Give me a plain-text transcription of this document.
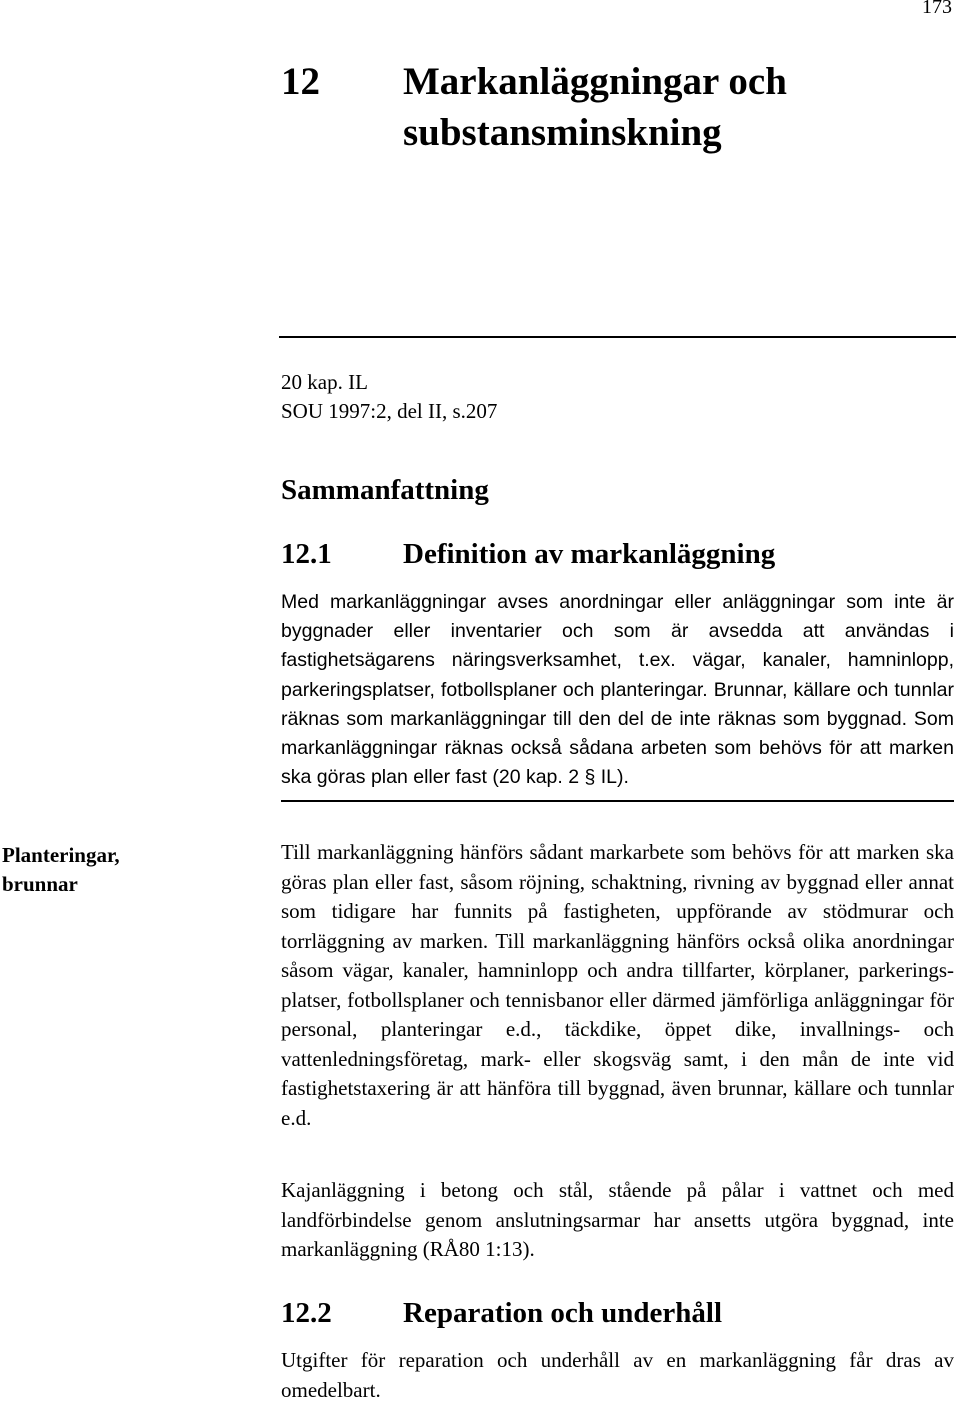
173
12 Markanläggningar och
substansminskning
20 kap. IL
SOU 1997:2, del II, s.207
Sammanfattning
12.1 Definition av markanläggning
Med markanläggningar avses anordningar eller anläggningar som inte är byggnader eller inventarier och som är avsedda att användas i fastighetsägarens näringsverksamhet, t.ex. vägar, kanaler, hamninlopp, parkeringsplatser, fotbollsplaner och planteringar. Brunnar, källare och tunnlar räknas som markanläggningar till den del de inte räknas som byggnad. Som markanläggningar räknas också sådana arbeten som behövs för att marken ska göras plan eller fast (20 kap. 2 § IL).
Planteringar, brunnar
Till markanläggning hänförs sådant markarbete som behövs för att marken ska göras plan eller fast, såsom röjning, schaktning, rivning av byggnad eller annat som tidigare har funnits på fastigheten, uppförande av stödmurar och torrläggning av marken. Till markanläggning hänförs också olika anordningar såsom vägar, kanaler, hamninlopp och andra tillfarter, körplaner, parkeringsplatser, fotbollsplaner och tennisbanor eller därmed jämförliga anläggningar för personal, planteringar e.d., täckdike, öppet dike, invallnings- och vattenledningsföretag, mark- eller skogsväg samt, i den mån de inte vid fastighetstaxering är att hänföra till byggnad, även brunnar, källare och tunnlar e.d.
Kajanläggning i betong och stål, stående på pålar i vattnet och med landförbindelse genom anslutningsarmar har ansetts utgöra byggnad, inte markanläggning (RÅ80 1:13).
12.2 Reparation och underhåll
Utgifter för reparation och underhåll av en markanläggning får dras av omedelbart.
